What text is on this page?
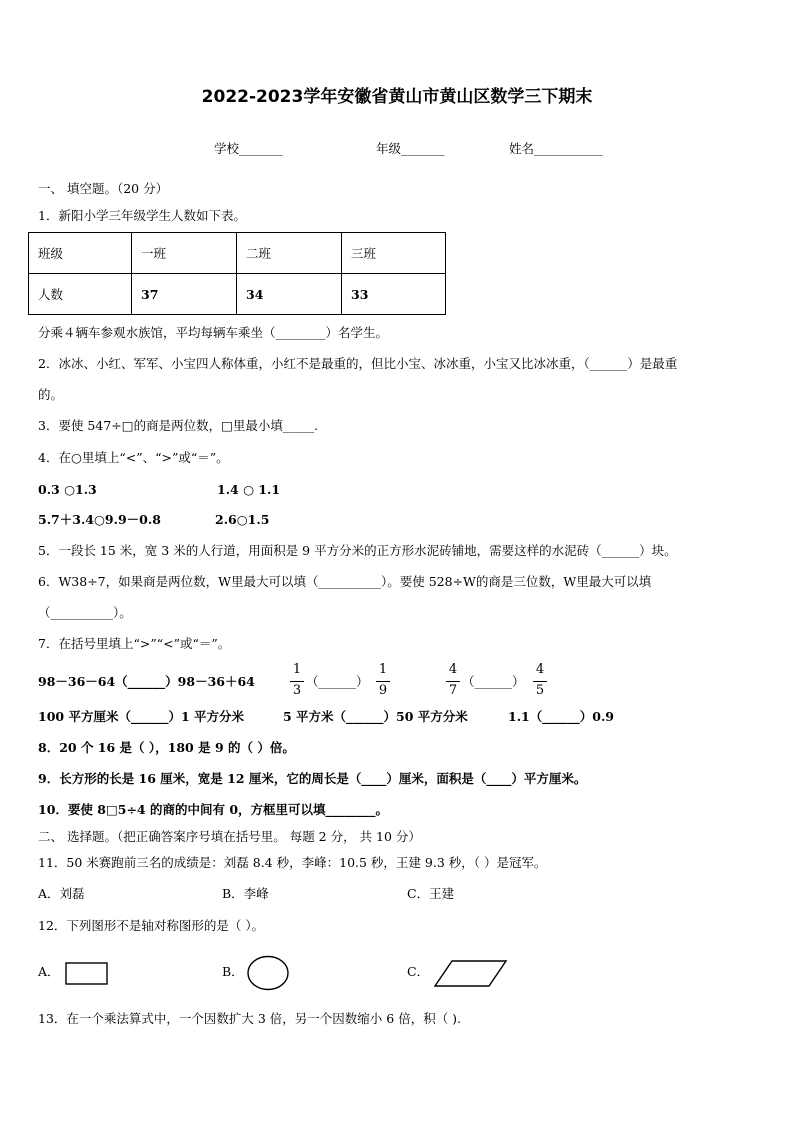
2022-2023学年安徽省黄山市黄山区数学三下期末
学校_______	年级_______	姓名___________
一、 填空题。（20 分）
1．新阳小学三年级学生人数如下表。
班级	一班	二班	三班
人数	37	34	33
分乘４辆车参观水族馆，平均每辆车乘坐（________）名学生。
2．冰冰、小红、军军、小宝四人称体重，小红不是最重的，但比小宝、冰冰重，小宝又比冰冰重，（______）是最重
的。
3．要使 547÷□的商是两位数，□里最小填_____.
4．在○里填上“<”、“>”或“＝”。
0.3 ○1.3	1.4 ○ 1.1
5.7＋3.4○9.9－0.8	2.6○1.5
5．一段长 15 米，宽 3 米的人行道，用面积是 9 平方分米的正方形水泥砖铺地，需要这样的水泥砖（______）块。
6．W38÷7，如果商是两位数，W里最大可以填（__________）。要使 528÷W的商是三位数，W里最大可以填
（__________）。
7．在括号里填上“>”“<”或“＝”。
98－36－64（______）98－36＋64
1
3
（______）
1
9
4
7
（______）
4
5
100 平方厘米（______）1 平方分米	5 平方米（______）50 平方分米	1.1（______）0.9
8．20 个 16 是（ ），180 是 9 的（ ）倍。
9．长方形的长是 16 厘米，宽是 12 厘米，它的周长是（____）厘米，面积是（____）平方厘米。
10．要使 8□5÷4 的商的中间有 0，方框里可以填________。
二、 选择题。（把正确答案序号填在括号里。 每题 2 分， 共 10 分）
11．50 米赛跑前三名的成绩是：刘磊 8.4 秒，李峰：10.5 秒，王建 9.3 秒，（ ）是冠军。
A．刘磊	B．李峰	C．王建
12．下列图形不是轴对称图形的是（ ）。
A．	B．	C．
13．在一个乘法算式中，一个因数扩大 3 倍，另一个因数缩小 6 倍，积（ ).
